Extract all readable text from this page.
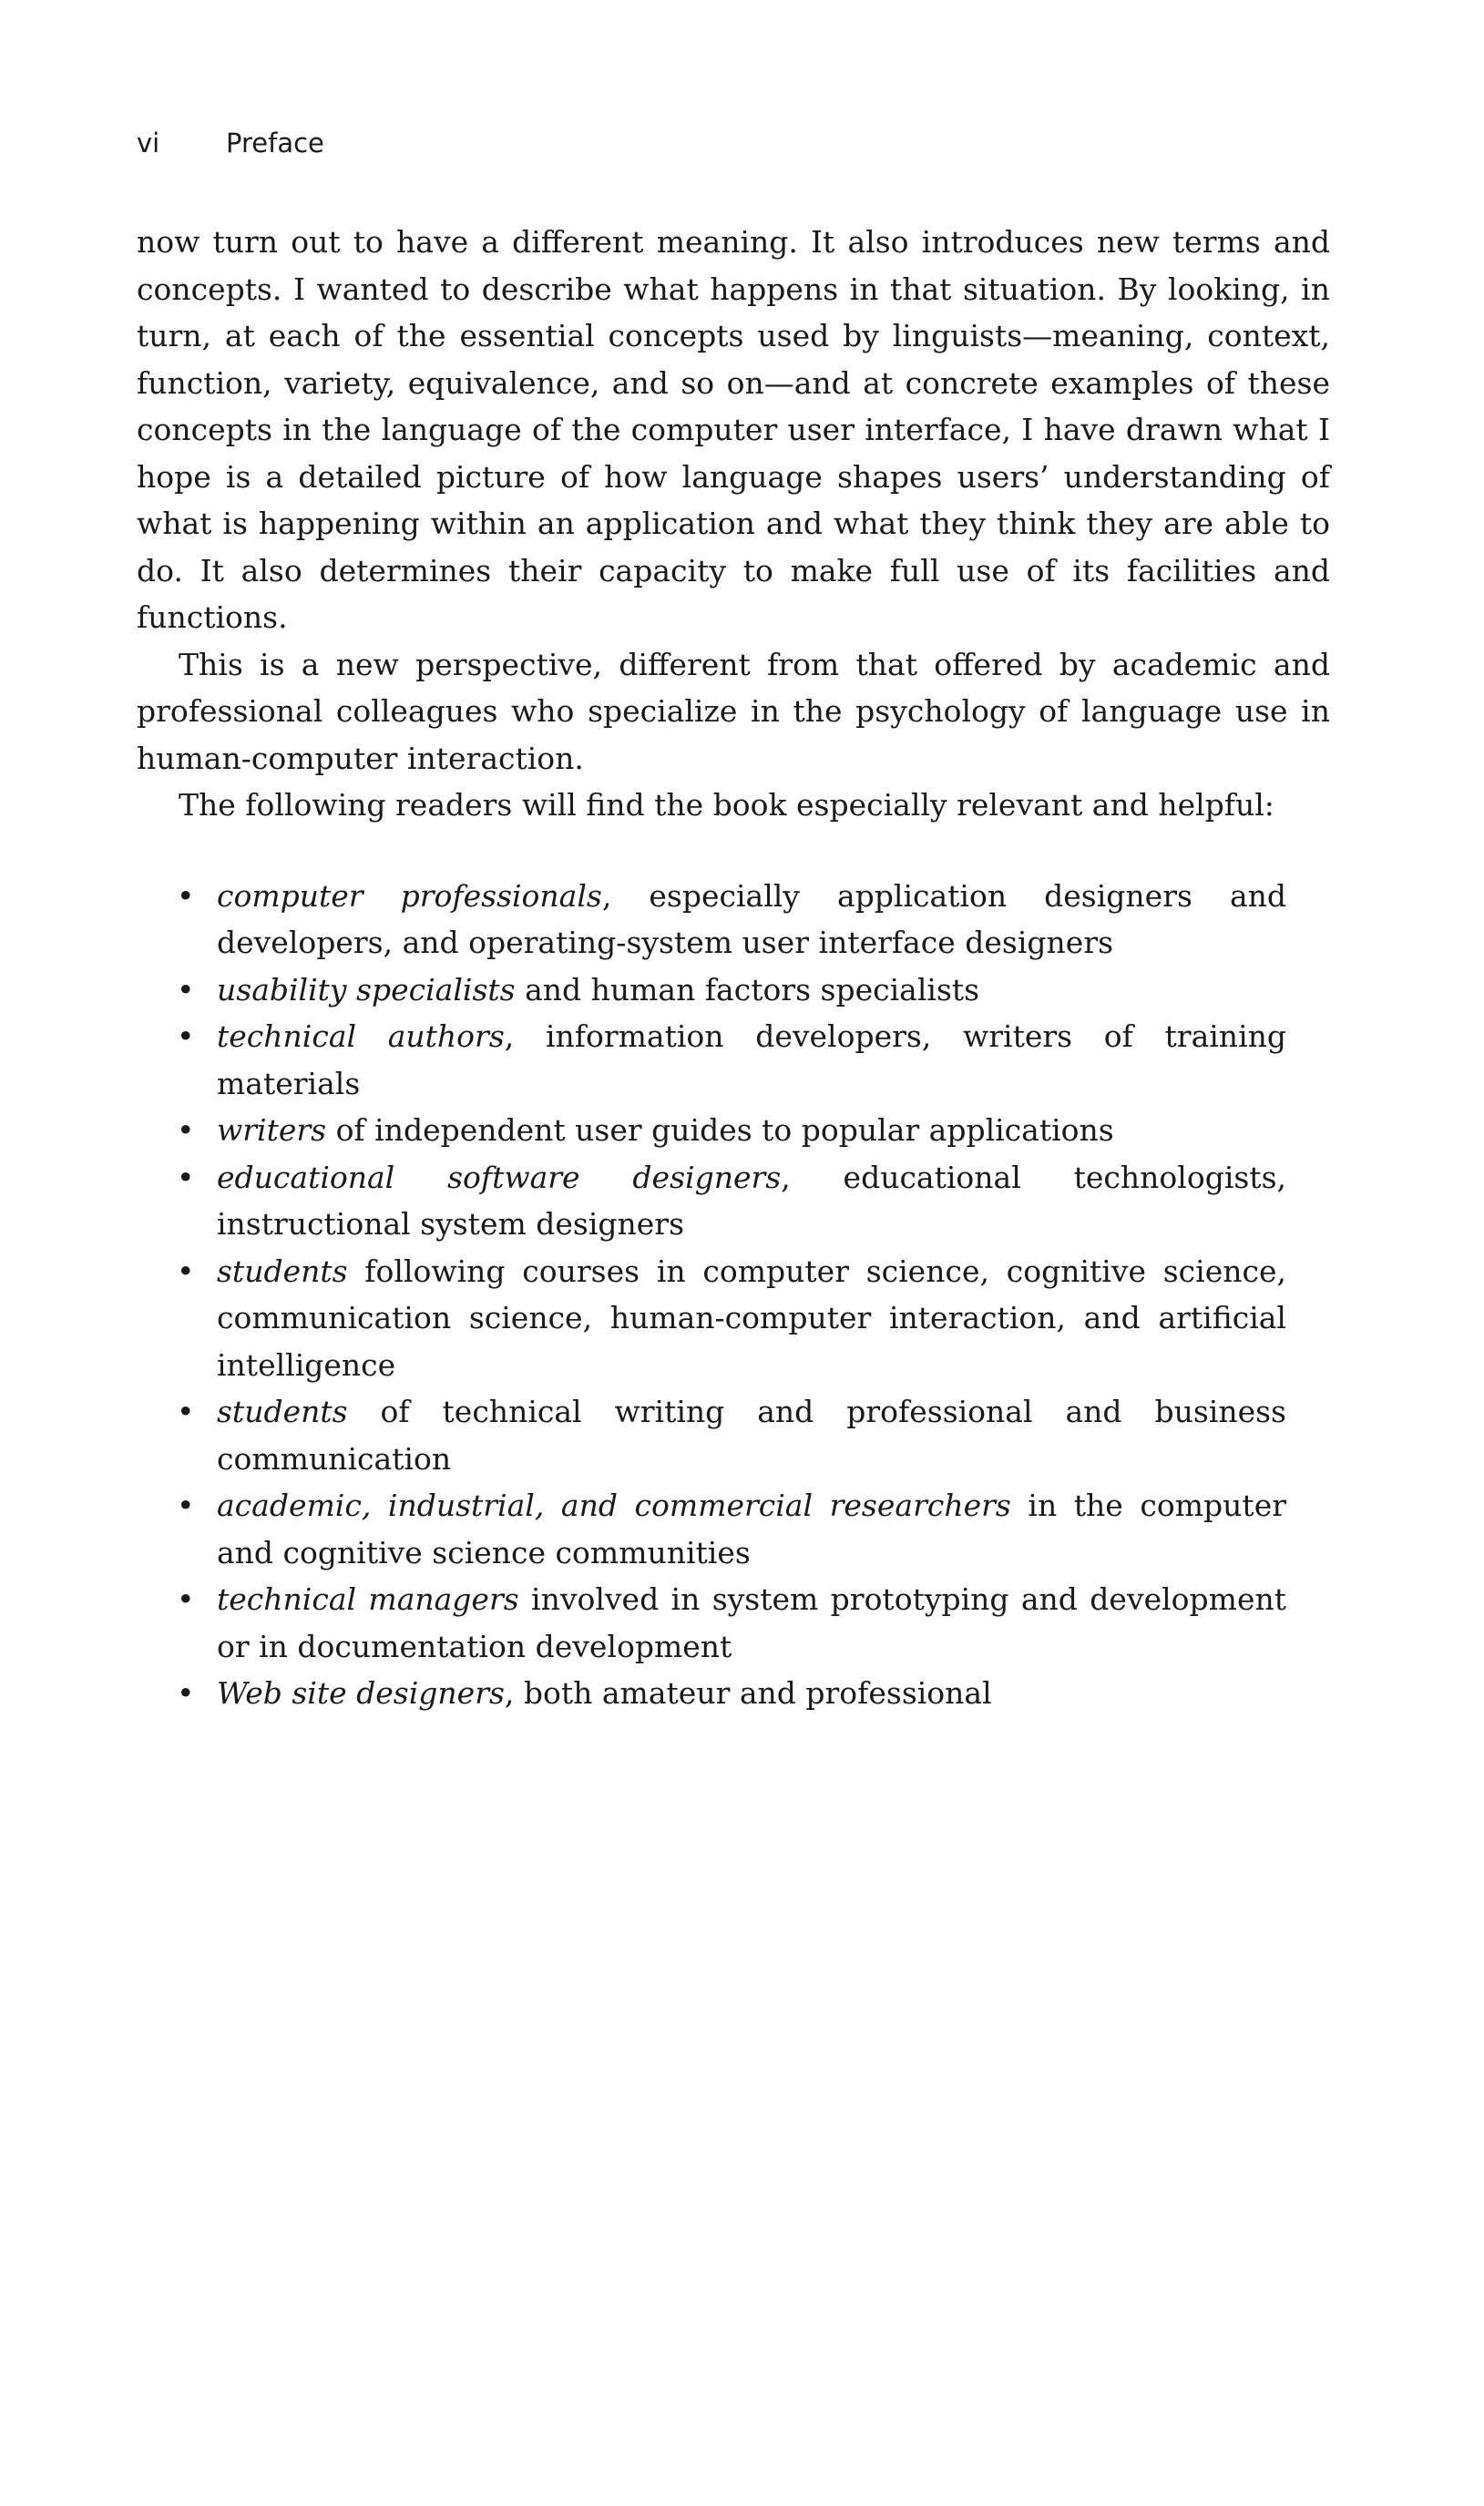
vi	Preface

now turn out to have a different meaning. It also introduces new terms and concepts. I wanted to describe what happens in that situation. By looking, in turn, at each of the essential concepts used by linguists—meaning, context, function, variety, equivalence, and so on—and at concrete examples of these concepts in the language of the computer user interface, I have drawn what I hope is a detailed picture of how language shapes users’ understanding of what is happening within an application and what they think they are able to do. It also determines their capacity to make full use of its facilities and functions.

This is a new perspective, different from that offered by academic and professional colleagues who specialize in the psychology of language use in human-computer interaction.

The following readers will find the book especially relevant and helpful:

• computer professionals, especially application designers and developers, and operating-system user interface designers
• usability specialists and human factors specialists
• technical authors, information developers, writers of training materials
• writers of independent user guides to popular applications
• educational software designers, educational technologists, instructional system designers
• students following courses in computer science, cognitive science, communication science, human-computer interaction, and artificial intelligence
• students of technical writing and professional and business communication
• academic, industrial, and commercial researchers in the computer and cognitive science communities
• technical managers involved in system prototyping and development or in documentation development
• Web site designers, both amateur and professional
